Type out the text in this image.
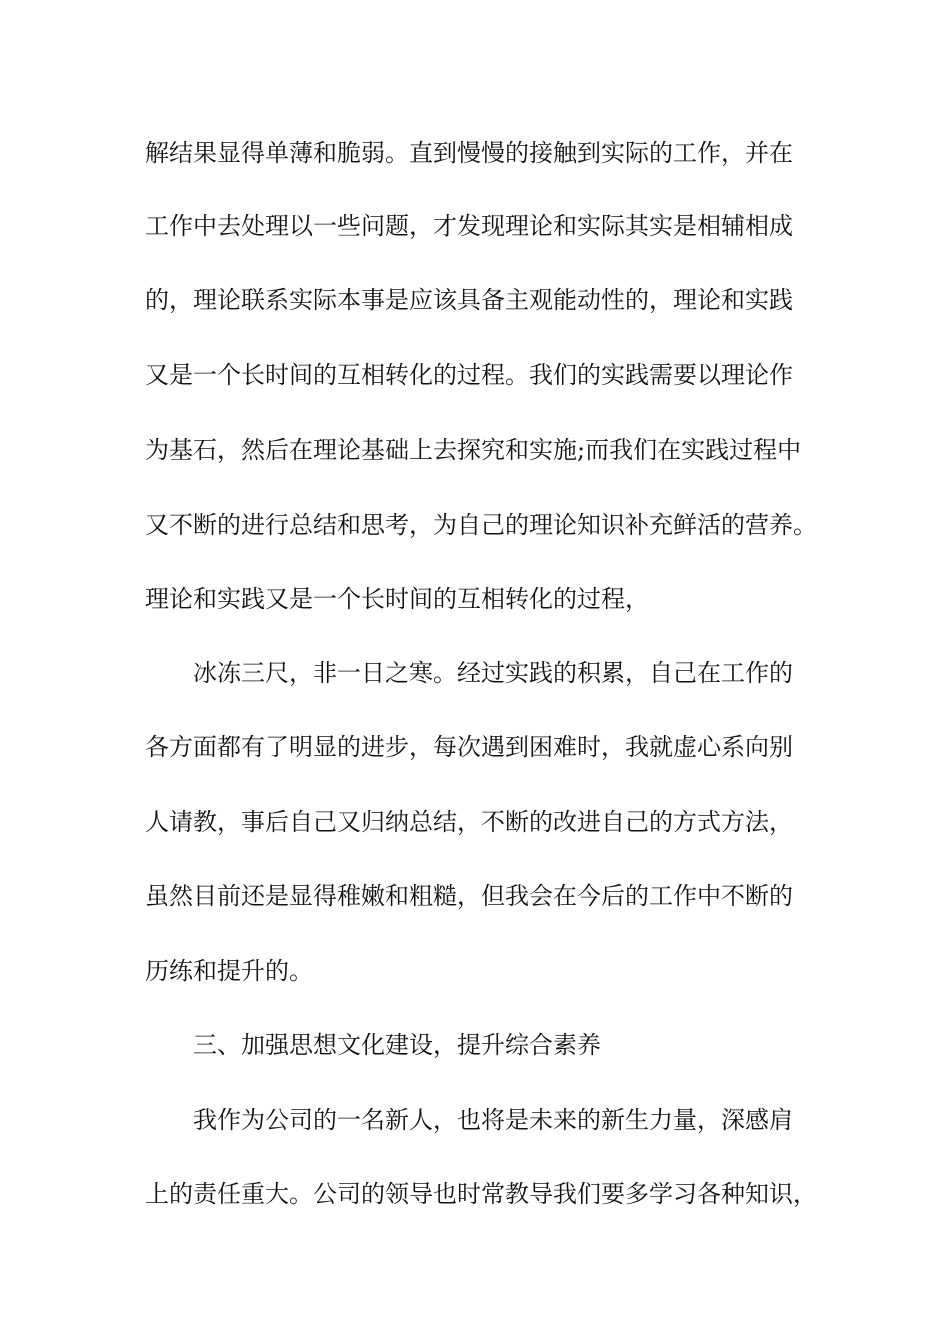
解结果显得单薄和脆弱。直到慢慢的接触到实际的工作，并在
工作中去处理以一些问题，才发现理论和实际其实是相辅相成
的，理论联系实际本事是应该具备主观能动性的，理论和实践
又是一个长时间的互相转化的过程。我们的实践需要以理论作
为基石，然后在理论基础上去探究和实施;而我们在实践过程中
又不断的进行总结和思考，为自己的理论知识补充鲜活的营养。
理论和实践又是一个长时间的互相转化的过程，
冰冻三尺，非一日之寒。经过实践的积累，自己在工作的
各方面都有了明显的进步，每次遇到困难时，我就虚心系向别
人请教，事后自己又归纳总结，不断的改进自己的方式方法，
虽然目前还是显得稚嫩和粗糙，但我会在今后的工作中不断的
历练和提升的。
三、加强思想文化建设，提升综合素养
我作为公司的一名新人，也将是未来的新生力量，深感肩
上的责任重大。公司的领导也时常教导我们要多学习各种知识，
